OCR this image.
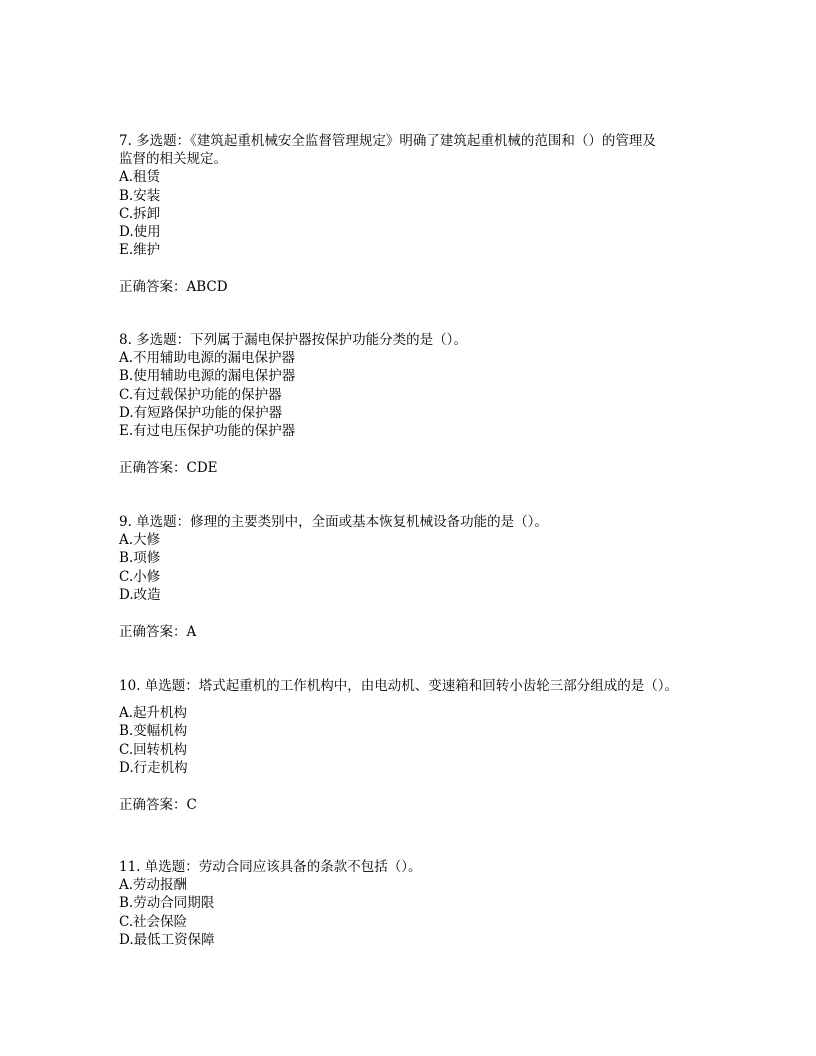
7. 多选题：《建筑起重机械安全监督管理规定》明确了建筑起重机械的范围和（）的管理及
监督的相关规定。
A.租赁
B.安装
C.拆卸
D.使用
E.维护
正确答案：ABCD
8. 多选题：下列属于漏电保护器按保护功能分类的是（）。
A.不用辅助电源的漏电保护器
B.使用辅助电源的漏电保护器
C.有过载保护功能的保护器
D.有短路保护功能的保护器
E.有过电压保护功能的保护器
正确答案：CDE
9. 单选题：修理的主要类别中，全面或基本恢复机械设备功能的是（）。
A.大修
B.项修
C.小修
D.改造
正确答案：A
10. 单选题：塔式起重机的工作机构中，由电动机、变速箱和回转小齿轮三部分组成的是（）。
A.起升机构
B.变幅机构
C.回转机构
D.行走机构
正确答案：C
11. 单选题：劳动合同应该具备的条款不包括（）。
A.劳动报酬
B.劳动合同期限
C.社会保险
D.最低工资保障
